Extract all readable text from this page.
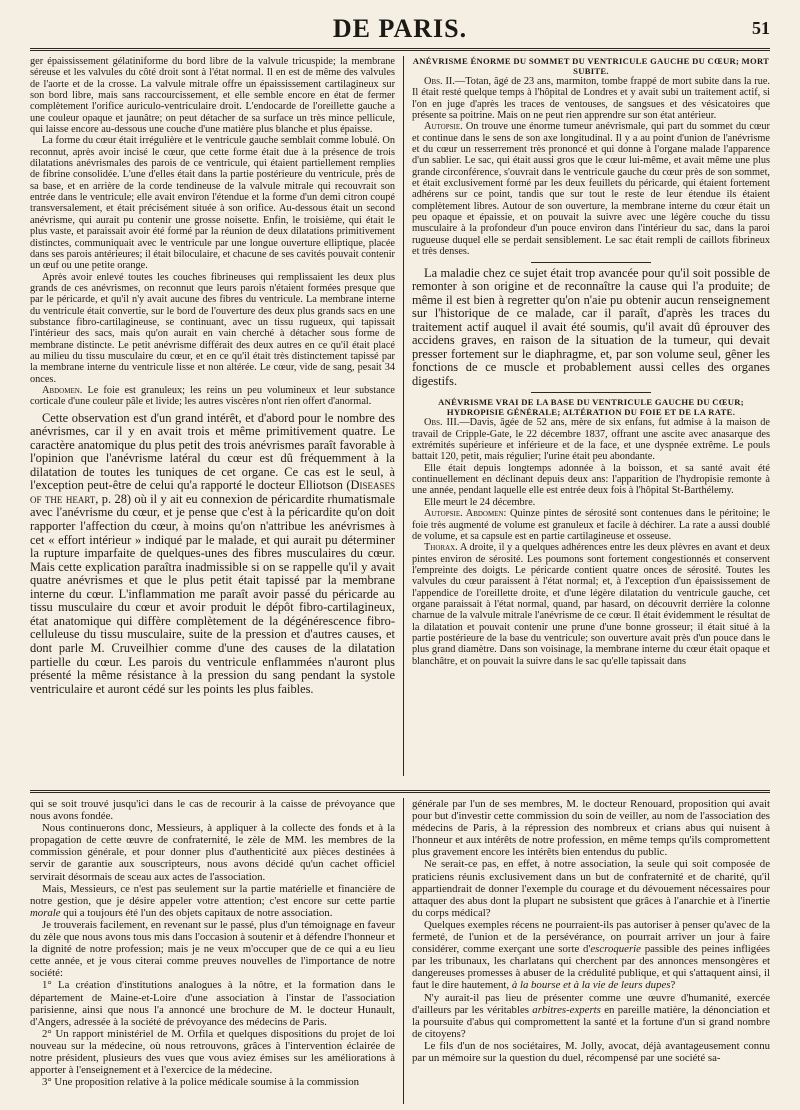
DE PARIS.	51

ger épaississement gélatiniforme du bord libre de la valvule tricuspide; la membrane séreuse et les valvules du côté droit sont à l'état normal. Il en est de même des valvules de l'aorte et de la crosse. La valvule mitrale offre un épaississement cartilagineux sur son bord libre, mais sans raccourcissement, et elle semble encore en état de fermer complètement l'orifice auriculo-ventriculaire droit. L'endocarde de l'oreillette gauche a une couleur opaque et jaunâtre; on peut détacher de sa surface un très mince pellicule, qui laisse encore au-dessous une couche d'une matière plus blanche et plus épaisse.

La forme du cœur était irrégulière et le ventricule gauche semblait comme lobulé. On reconnut, après avoir incisé le cœur, que cette forme était due à la présence de trois dilatations anévrismales des parois de ce ventricule, qui étaient partiellement remplies de fibrine consolidée. L'une d'elles était dans la partie postérieure du ventricule, près de sa base, et en arrière de la corde tendineuse de la valvule mitrale qui recouvrait son entrée dans le ventricule; elle avait environ l'étendue et la forme d'un demi citron coupé transversalement, et était précisément située à son orifice. Au-dessous était un second anévrisme, qui aurait pu contenir une grosse noisette. Enfin, le troisième, qui était le plus vaste, et paraissait avoir été formé par la réunion de deux dilatations primitivement distinctes, communiquait avec le ventricule par une longue ouverture elliptique, placée dans ses parois antérieures; il était biloculaire, et chacune de ses cavités pouvait contenir un œuf ou une petite orange.

Après avoir enlevé toutes les couches fibrineuses qui remplissaient les deux plus grands de ces anévrismes, on reconnut que leurs parois n'étaient formées presque que par le péricarde, et qu'il n'y avait aucune des fibres du ventricule. La membrane interne du ventricule était convertie, sur le bord de l'ouverture des deux plus grands sacs en une substance fibro-cartilagineuse, se continuant, avec un tissu rugueux, qui tapissait l'intérieur des sacs, mais qu'on aurait en vain cherché à détacher sous forme de membrane distincte. Le petit anévrisme différait des deux autres en ce qu'il était placé au milieu du tissu musculaire du cœur, et en ce qu'il était très distinctement tapissé par la membrane interne du ventricule lisse et non altérée. Le cœur, vide de sang, pesait 34 onces.

Abdomen. Le foie est granuleux; les reins un peu volumineux et leur substance corticale d'une couleur pâle et livide; les autres viscères n'ont rien offert d'anormal.

Cette observation est d'un grand intérêt, et d'abord pour le nombre des anévrismes, car il y en avait trois et même primitivement quatre. Le caractère anatomique du plus petit des trois anévrismes paraît favorable à l'opinion que l'anévrisme latéral du cœur est dû fréquemment à la dilatation de toutes les tuniques de cet organe. Ce cas est le seul, à l'exception peut-être de celui qu'a rapporté le docteur Elliotson (Diseases of the heart, p. 28) où il y ait eu connexion de péricardite rhumatismale avec l'anévrisme du cœur, et je pense que c'est à la péricardite qu'on doit rapporter l'affection du cœur, à moins qu'on n'attribue les anévrismes à cet « effort intérieur » indiqué par le malade, et qui aurait pu déterminer la rupture imparfaite de quelques-unes des fibres musculaires du cœur. Mais cette explication paraîtra inadmissible si on se rappelle qu'il y avait quatre anévrismes et que le plus petit était tapissé par la membrane interne du cœur. L'inflammation me paraît avoir passé du péricarde au tissu musculaire du cœur et avoir produit le dépôt fibro-cartilagineux, état anatomique qui diffère complètement de la dégénérescence fibro-celluleuse du tissu musculaire, suite de la pression et d'autres causes, et dont parle M. Cruveilhier comme d'une des causes de la dilatation partielle du cœur. Les parois du ventricule enflammées n'auront plus présenté la même résistance à la pression du sang pendant la systole ventriculaire et auront cédé sur les points les plus faibles.

ANÉVRISME ÉNORME DU SOMMET DU VENTRICULE GAUCHE DU CŒUR; MORT SUBITE.

Obs. II.—Totan, âgé de 23 ans, marmiton, tombe frappé de mort subite dans la rue. Il était resté quelque temps à l'hôpital de Londres et y avait subi un traitement actif, si l'on en juge d'après les traces de ventouses, de sangsues et des vésicatoires que présente sa poitrine. Mais on ne peut rien apprendre sur son état antérieur.

Autopsie. On trouve une énorme tumeur anévrismale, qui part du sommet du cœur et continue dans le sens de son axe longitudinal. Il y a au point d'union de l'anévrisme et du cœur un resserrement très prononcé et qui donne à l'organe malade l'apparence d'un sablier. Le sac, qui était aussi gros que le cœur lui-même, et avait même une plus grande circonférence, s'ouvrait dans le ventricule gauche du cœur près de son sommet, et était exclusivement formé par les deux feuillets du péricarde, qui étaient fortement adhérens sur ce point, tandis que sur tout le reste de leur étendue ils étaient complètement libres. Autour de son ouverture, la membrane interne du cœur était un peu opaque et épaissie, et on pouvait la suivre avec une légère couche du tissu musculaire à la profondeur d'un pouce environ dans l'intérieur du sac, dans la paroi rugueuse duquel elle se perdait sensiblement. Le sac était rempli de caillots fibrineux et très denses.

La maladie chez ce sujet était trop avancée pour qu'il soit possible de remonter à son origine et de reconnaître la cause qui l'a produite; de même il est bien à regretter qu'on n'aie pu obtenir aucun renseignement sur l'historique de ce malade, car il paraît, d'après les traces du traitement actif auquel il avait été soumis, qu'il avait dû éprouver des accidens graves, en raison de la situation de la tumeur, qui devait presser fortement sur le diaphragme, et, par son volume seul, gêner les fonctions de ce muscle et probablement aussi celles des organes digestifs.

ANÉVRISME VRAI DE LA BASE DU VENTRICULE GAUCHE DU CŒUR; HYDROPISIE GÉNÉRALE; ALTÉRATION DU FOIE ET DE LA RATE.

Obs. III.—Davis, âgée de 52 ans, mère de six enfans, fut admise à la maison de travail de Cripple-Gate, le 22 décembre 1837, offrant une ascite avec anasarque des extrémités supérieure et inférieure et de la face, et une dyspnée extrême. Le pouls battait 120, petit, mais régulier; l'urine était peu abondante.

Elle était depuis longtemps adonnée à la boisson, et sa santé avait été continuellement en déclinant depuis deux ans: l'apparition de l'hydropisie remonte à une année, pendant laquelle elle est entrée deux fois à l'hôpital St-Barthélemy.

Elle meurt le 24 décembre.

Autopsie. Abdomen: Quinze pintes de sérosité sont contenues dans le péritoine; le foie très augmenté de volume est granuleux et facile à déchirer. La rate a aussi doublé de volume, et sa capsule est en partie cartilagineuse et osseuse.

Thorax. A droite, il y a quelques adhérences entre les deux plèvres en avant et deux pintes environ de sérosité. Les poumons sont fortement congestionnés et conservent l'empreinte des doigts. Le péricarde contient quatre onces de sérosité. Toutes les valvules du cœur paraissent à l'état normal; et, à l'exception d'un épaississement de l'appendice de l'oreillette droite, et d'une légère dilatation du ventricule gauche, cet organe paraissait à l'état normal, quand, par hasard, on découvrit derrière la colonne charnue de la valvule mitrale l'anévrisme de ce cœur. Il était évidemment le résultat de la dilatation et pouvait contenir une prune d'une bonne grosseur; il était situé à la partie postérieure de la base du ventricule; son ouverture avait près d'un pouce dans le plus grand diamètre. Dans son voisinage, la membrane interne du cœur était opaque et blanchâtre, et on pouvait la suivre dans le sac qu'elle tapissait dans

qui se soit trouvé jusqu'ici dans le cas de recourir à la caisse de prévoyance que nous avons fondée.

Nous continuerons donc, Messieurs, à appliquer à la collecte des fonds et à la propagation de cette œuvre de confraternité, le zèle de MM. les membres de la commission générale, et pour donner plus d'authenticité aux pièces destinées à servir de garantie aux souscripteurs, nous avons décidé qu'un cachet officiel servirait désormais de sceau aux actes de l'association.

Mais, Messieurs, ce n'est pas seulement sur la partie matérielle et financière de notre gestion, que je désire appeler votre attention; c'est encore sur cette partie morale qui a toujours été l'un des objets capitaux de notre association.

Je trouverais facilement, en revenant sur le passé, plus d'un témoignage en faveur du zèle que nous avons tous mis dans l'occasion à soutenir et à défendre l'honneur et la dignité de notre profession; mais je ne veux m'occuper que de ce qui a eu lieu cette année, et je vous citerai comme preuves nouvelles de l'importance de notre société:

1° La création d'institutions analogues à la nôtre, et la formation dans le département de Maine-et-Loire d'une association à l'instar de l'association parisienne, ainsi que nous l'a annoncé une brochure de M. le docteur Hunault, d'Angers, adressée à la société de prévoyance des médecins de Paris.

2° Un rapport ministériel de M. Orfila et quelques dispositions du projet de loi nouveau sur la médecine, où nous retrouvons, grâces à l'intervention éclairée de notre président, plusieurs des vues que vous aviez émises sur les améliorations à apporter à l'enseignement et à l'exercice de la médecine.

3° Une proposition relative à la police médicale soumise à la commission

générale par l'un de ses membres, M. le docteur Renouard, proposition qui avait pour but d'investir cette commission du soin de veiller, au nom de l'association des médecins de Paris, à la répression des nombreux et crians abus qui nuisent à l'honneur et aux intérêts de notre profession, en même temps qu'ils compromettent plus gravement encore les intérêts bien entendus du public.

Ne serait-ce pas, en effet, à notre association, la seule qui soit composée de praticiens réunis exclusivement dans un but de confraternité et de charité, qu'il appartiendrait de donner l'exemple du courage et du dévouement nécessaires pour attaquer des abus dont la plupart ne subsistent que grâces à l'anarchie et à l'inertie du corps médical?

Quelques exemples récens ne pourraient-ils pas autoriser à penser qu'avec de la fermeté, de l'union et de la persévérance, on pourrait arriver un jour à faire considérer, comme exerçant une sorte d'escroquerie passible des peines infligées par les tribunaux, les charlatans qui cherchent par des annonces mensongères et dangereuses promesses à abuser de la crédulité publique, et qui s'attaquent ainsi, il faut le dire hautement, à la bourse et à la vie de leurs dupes?

N'y aurait-il pas lieu de présenter comme une œuvre d'humanité, exercée d'ailleurs par les véritables arbitres-experts en pareille matière, la dénonciation et la poursuite d'abus qui compromettent la santé et la fortune d'un si grand nombre de citoyens?

Le fils d'un de nos sociétaires, M. Jolly, avocat, déjà avantageusement connu par un mémoire sur la question du duel, récompensé par une société sa-
